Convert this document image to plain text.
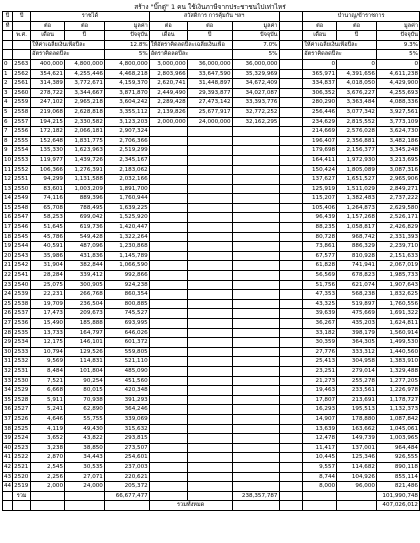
สร้าง "บิ๊กตู่" 1 คน ใช้เงินภาษีจากประชาชนไปเท่าไหร่
ปี	ปี	ราชได้			สวัสดิการ การคุ้มกัน ฯลฯ				บำนาญ/ข้าราชการ		
ที่		ต่อ	ต่อ	มูลค่า	ต่อ	ต่อ	มูลค่า		ต่อ	ต่อ	มูลค่า
	พ.ศ.	เดือน	ปี	ปัจจุบัน	เดือน	ปี	ปัจจุบัน		เดือน	ปี	ปัจจุบัน
		ให้ค่าเฉลี่ยเงินเฟ้อปีละ		12.8%	ให้อัตราคิดลดปีละเฉลี่ยเงินเฟ้อ		7.0%		ให้ค่าเฉลี่ยเงินเฟ้อปีละ		9.3%
		อัตราคิดลดปีละ		5%	อัตราคิดลดปีละ		5%		อัตราคิดลดปีละ		5%
0	2563	400,000	4,800,000	4,800,000	3,000,000	36,000,000	36,000,000		0	0	0
1	2562	354,621	4,255,446	4,468,218	2,803,966	33,647,590	35,329,969		365,971	4,391,656	4,611,238
2	2561	314,389	3,772,671	4,159,370	2,620,741	31,448,897	34,672,409		334,837	4,018,050	4,429,900
3	2560	278,722	3,344,667	3,871,870	2,449,490	29,393,877	34,027,087		306,352	3,676,227	4,255,693
4	2559	247,102	2,965,218	3,604,242	2,289,428	27,473,142	33,393,776		280,290	3,363,484	4,088,336
5	2558	219,068	2,628,818	3,355,112	2,139,826	25,677,917	32,772,252		256,446	3,077,342	3,927,561
6	2557	194,215	2,330,582	3,123,203	2,000,000	24,000,000	32,162,295		234,629	2,815,552	3,773,109
7	2556	172,182	2,066,181	2,907,324					214,669	2,576,028	3,624,730
8	2555	152,648	1,831,775	2,706,366					196,407	2,356,881	3,482,186
9	2554	135,330	1,623,963	2,519,299					179,698	2,156,377	3,345,248
10	2553	119,977	1,439,726	2,345,167					164,411	1,972,930	3,213,695
11	2552	106,366	1,276,391	2,183,062					150,424	1,805,089	3,087,316
12	2551	94,299	1,131,588	2,032,166					137,627	1,651,527	2,965,906
13	2550	83,601	1,003,209	1,891,700					125,919	1,511,029	2,849,271
14	2549	74,116	889,396	1,760,944					115,207	1,382,483	2,737,222
15	2548	65,708	788,495	1,639,225					105,406	1,264,873	2,629,580
16	2547	58,253	699,042	1,525,920					96,439	1,157,268	2,526,171
17	2546	51,645	619,736	1,420,447					88,235	1,058,817	2,426,829
18	2545	45,786	549,428	1,322,264					80,728	968,742	2,331,393
19	2544	40,591	487,096	1,230,868					73,861	886,329	2,239,710
20	2543	35,986	431,836	1,145,789					67,577	810,928	2,151,633
21	2542	31,904	382,844	1,066,590					61,828	741,941	2,067,019
22	2541	28,284	339,412	992,866					56,569	678,823	1,985,733
23	2540	25,075	300,905	924,238					51,756	621,074	1,907,643
24	2539	22,231	266,768	860,354					47,353	568,238	1,832,625
25	2538	19,709	236,504	800,885					43,325	519,897	1,760,556
26	2537	17,473	209,673	745,527					39,639	475,669	1,691,322
27	2536	15,490	185,888	693,995					36,267	435,203	1,624,811
28	2535	13,733	164,797	646,026					33,182	398,179	1,560,914
29	2534	12,175	146,101	601,372					30,359	364,305	1,499,530
30	2533	10,794	129,526	559,805					27,776	333,312	1,440,560
31	2532	9,569	114,831	521,110					25,413	304,958	1,383,910
32	2531	8,484	101,804	485,090					23,251	279,014	1,329,488
33	2530	7,521	90,254	451,560					21,273	255,278	1,277,205
34	2529	6,668	80,015	420,348					19,463	233,561	1,226,978
35	2528	5,911	70,938	391,293					17,807	213,691	1,178,727
36	2527	5,241	62,890	364,246					16,293	195,513	1,132,373
37	2526	4,646	55,755	339,069					14,907	178,880	1,087,842
38	2525	4,119	49,430	315,632					13,639	163,662	1,045,061
39	2524	3,652	43,822	293,815					12,478	149,739	1,003,965
40	2523	3,238	38,850	273,507					11,417	137,001	964,484
41	2522	2,870	34,443	254,601					10,445	125,346	926,555
42	2521	2,545	30,535	237,003					9,557	114,682	890,118
43	2520	2,256	27,071	220,621					8,744	104,926	855,114
44	2519	2,000	24,000	205,372					8,000	96,000	821,486
	รวม			66,677,477			238,357,787				101,990,748
					รวมทั้งหมด						407,026,012
